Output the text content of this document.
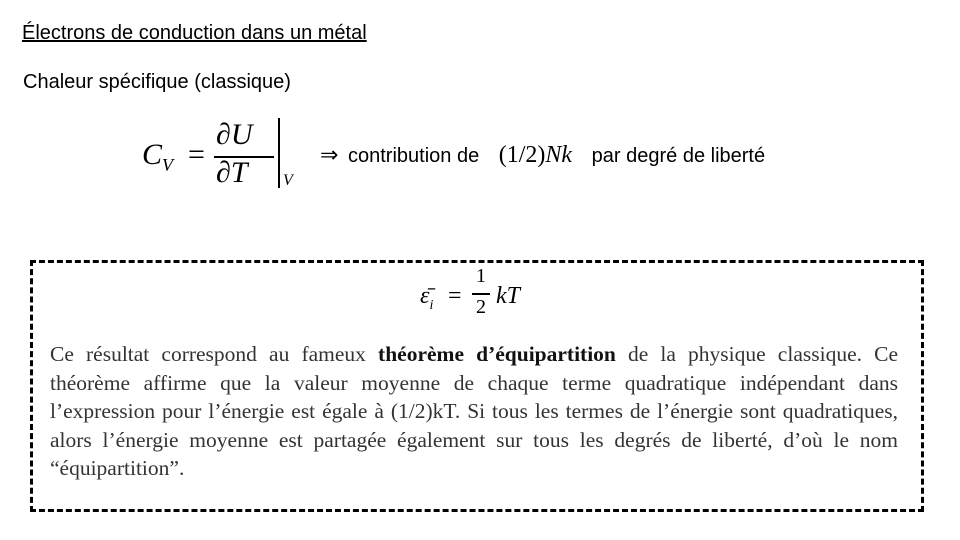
Électrons de conduction dans un métal
Chaleur spécifique (classique)
$C_V$ =
∂U
∂T V
⇒ contribution de (1/2)Nk par degré de liberté
$\varepsilon̄_i$ =
1
2 kT
Ce résultat correspond au fameux théorème d’équipartition de la physique classique. Ce théorème affirme que la valeur moyenne de chaque terme quadratique indépendant dans l’expression pour l’énergie est égale à (1/2)kT. Si tous les termes de l’énergie sont quadratiques, alors l’énergie moyenne est partagée également sur tous les degrés de liberté, d’où le nom “équipartition”.
